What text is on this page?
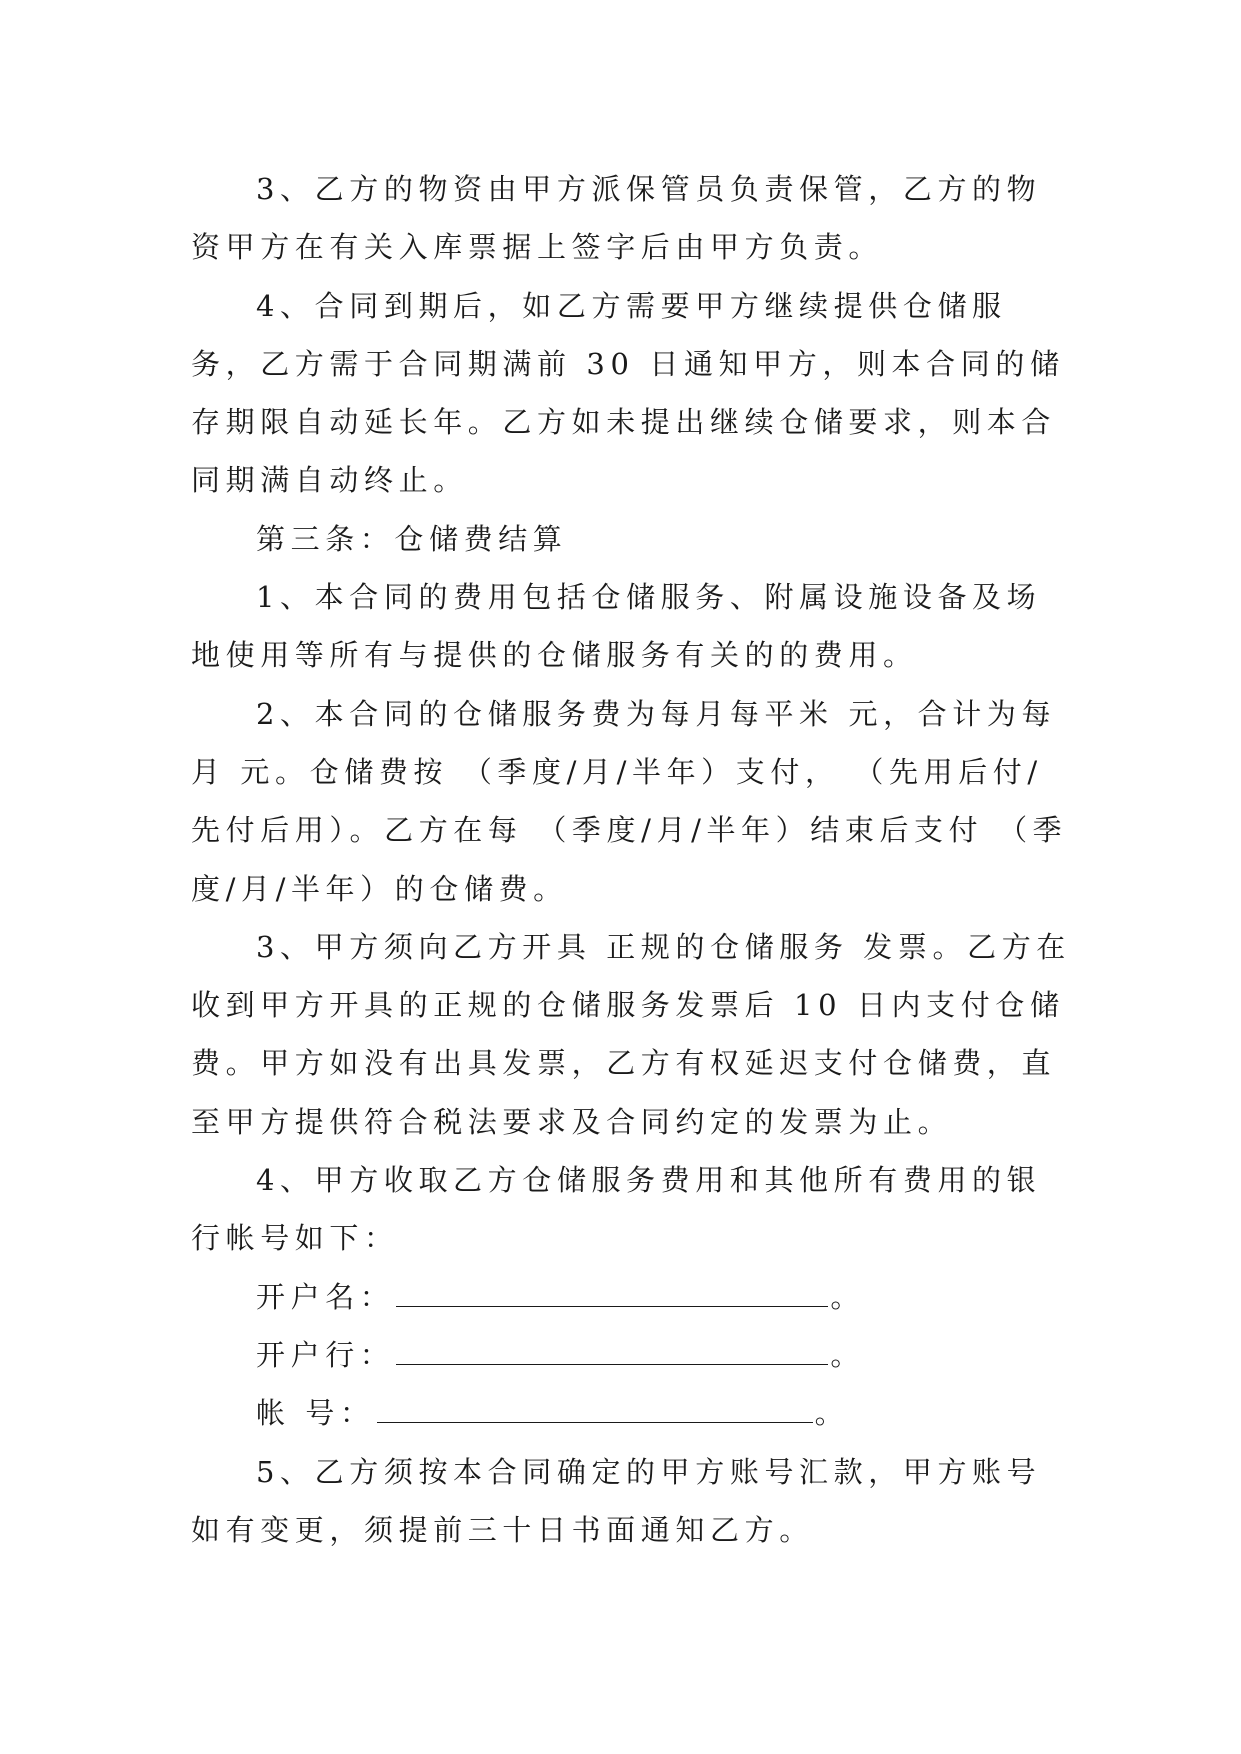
3、乙方的物资由甲方派保管员负责保管，乙方的物资甲方在有关入库票据上签字后由甲方负责。

4、合同到期后，如乙方需要甲方继续提供仓储服务，乙方需于合同期满前 30 日通知甲方，则本合同的储存期限自动延长年。乙方如未提出继续仓储要求，则本合同期满自动终止。

第三条：仓储费结算

1、本合同的费用包括仓储服务、附属设施设备及场地使用等所有与提供的仓储服务有关的的费用。

2、本合同的仓储服务费为每月每平米 元，合计为每月 元。仓储费按 （季度/月/半年）支付， （先用后付/先付后用）。乙方在每 （季度/月/半年）结束后支付 （季度/月/半年）的仓储费。

3、甲方须向乙方开具 正规的仓储服务 发票。乙方在收到甲方开具的正规的仓储服务发票后 10 日内支付仓储费。甲方如没有出具发票，乙方有权延迟支付仓储费，直至甲方提供符合税法要求及合同约定的发票为止。

4、甲方收取乙方仓储服务费用和其他所有费用的银行帐号如下：

开户名：	。

开户行：	。

帐 号：	。

5、乙方须按本合同确定的甲方账号汇款，甲方账号如有变更，须提前三十日书面通知乙方。
